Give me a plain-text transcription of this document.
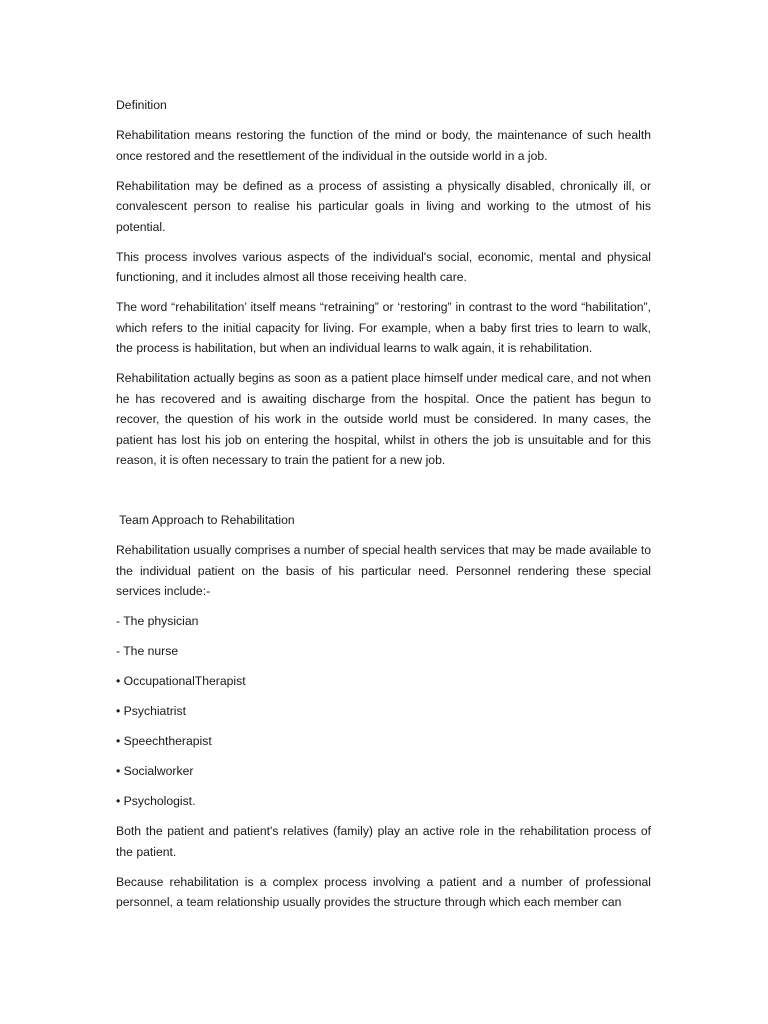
Definition

Rehabilitation means restoring the function of the mind or body, the maintenance of such health once restored and the resettlement of the individual in the outside world in a job.

Rehabilitation may be defined as a process of assisting a physically disabled, chronically ill, or convalescent person to realise his particular goals in living and working to the utmost of his potential.

This process involves various aspects of the individual's social, economic, mental and physical functioning, and it includes almost all those receiving health care.

The word “rehabilitation’ itself means “retraining” or ‘restoring” in contrast to the word “habilitation”, which refers to the initial capacity for living. For example, when a baby first tries to learn to walk, the process is habilitation, but when an individual learns to walk again, it is rehabilitation.

Rehabilitation actually begins as soon as a patient place himself under medical care, and not when he has recovered and is awaiting discharge from the hospital. Once the patient has begun to recover, the question of his work in the outside world must be considered. In many cases, the patient has lost his job on entering the hospital, whilst in others the job is unsuitable and for this reason, it is often necessary to train the patient for a new job.

Team Approach to Rehabilitation

Rehabilitation usually comprises a number of special health services that may be made available to the individual patient on the basis of his particular need. Personnel rendering these special services include:-

- The physician
- The nurse
• OccupationalTherapist
• Psychiatrist
• Speechtherapist
• Socialworker
• Psychologist.

Both the patient and patient's relatives (family) play an active role in the rehabilitation process of the patient.

Because rehabilitation is a complex process involving a patient and a number of professional personnel, a team relationship usually provides the structure through which each member can
